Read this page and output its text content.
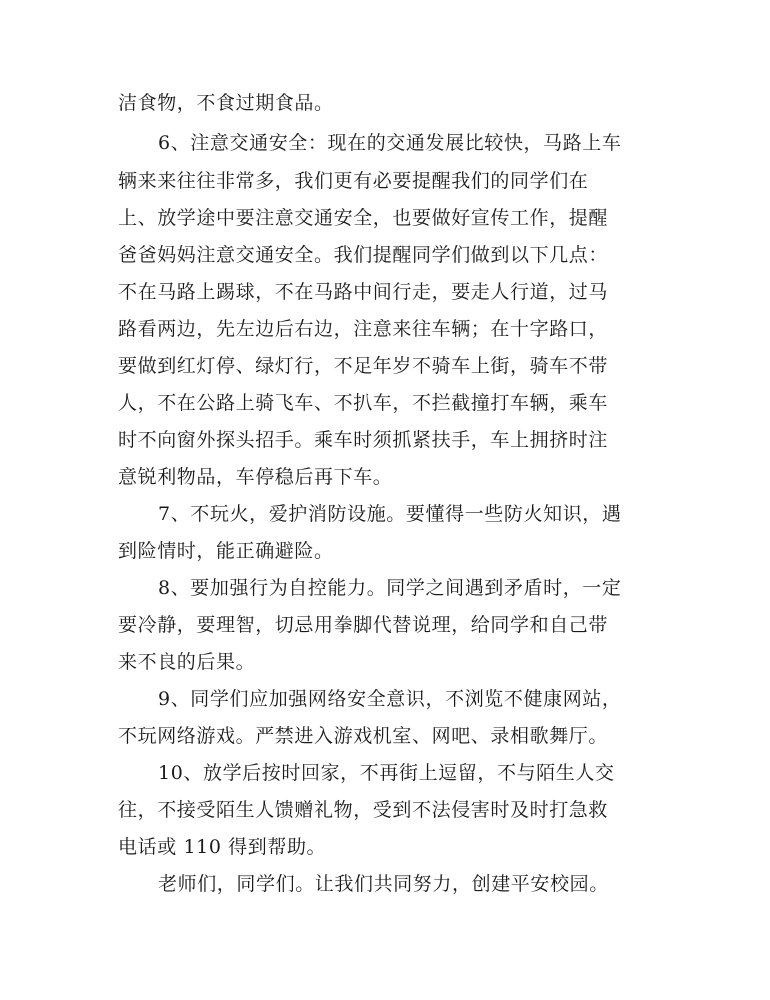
洁食物，不食过期食品。
6、注意交通安全：现在的交通发展比较快，马路上车
辆来来往往非常多，我们更有必要提醒我们的同学们在
上、放学途中要注意交通安全，也要做好宣传工作，提醒
爸爸妈妈注意交通安全。我们提醒同学们做到以下几点：
不在马路上踢球，不在马路中间行走，要走人行道，过马
路看两边，先左边后右边，注意来往车辆；在十字路口，
要做到红灯停、绿灯行，不足年岁不骑车上街，骑车不带
人，不在公路上骑飞车、不扒车，不拦截撞打车辆，乘车
时不向窗外探头招手。乘车时须抓紧扶手，车上拥挤时注
意锐利物品，车停稳后再下车。
7、不玩火，爱护消防设施。要懂得一些防火知识，遇
到险情时，能正确避险。
8、要加强行为自控能力。同学之间遇到矛盾时，一定
要冷静，要理智，切忌用拳脚代替说理，给同学和自己带
来不良的后果。
9、同学们应加强网络安全意识，不浏览不健康网站，
不玩网络游戏。严禁进入游戏机室、网吧、录相歌舞厅。
10、放学后按时回家，不再街上逗留，不与陌生人交
往，不接受陌生人馈赠礼物，受到不法侵害时及时打急救
电话或 110 得到帮助。
老师们，同学们。让我们共同努力，创建平安校园。
